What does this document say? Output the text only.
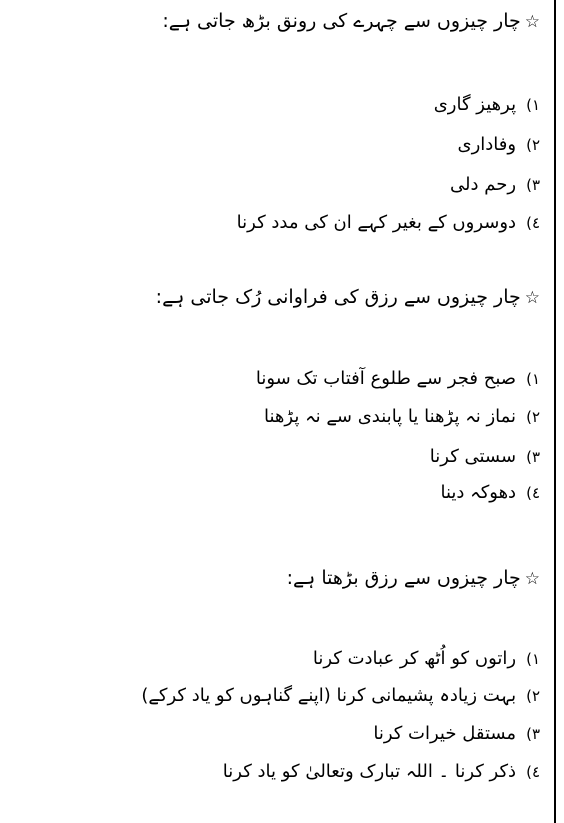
☆چار چیزوں سے چہرے کی رونق بڑھ جاتی ہے:
١)پرھیز گاری
٢)وفاداری
٣)رحم دلی
٤)دوسروں کے بغیر کہے ان کی مدد کرنا
☆چار چیزوں سے رزق کی فراوانی رُک جاتی ہے:
١)صبح فجر سے طلوع آفتاب تک سونا
٢)نماز نہ پڑھنا یا پابندی سے نہ پڑھنا
٣)سستی کرنا
٤)دھوکہ دینا
☆چار چیزوں سے رزق بڑھتا ہے:
١)راتوں کو اُٹھ کر عبادت کرنا
٢)بہت زیادہ پشیمانی کرنا (اپنے گناہوں کو یاد کرکے)
٣)مستقل خیرات کرنا
٤)ذکر کرنا ۔ اللہ تبارک وتعالیٰ کو یاد کرنا
